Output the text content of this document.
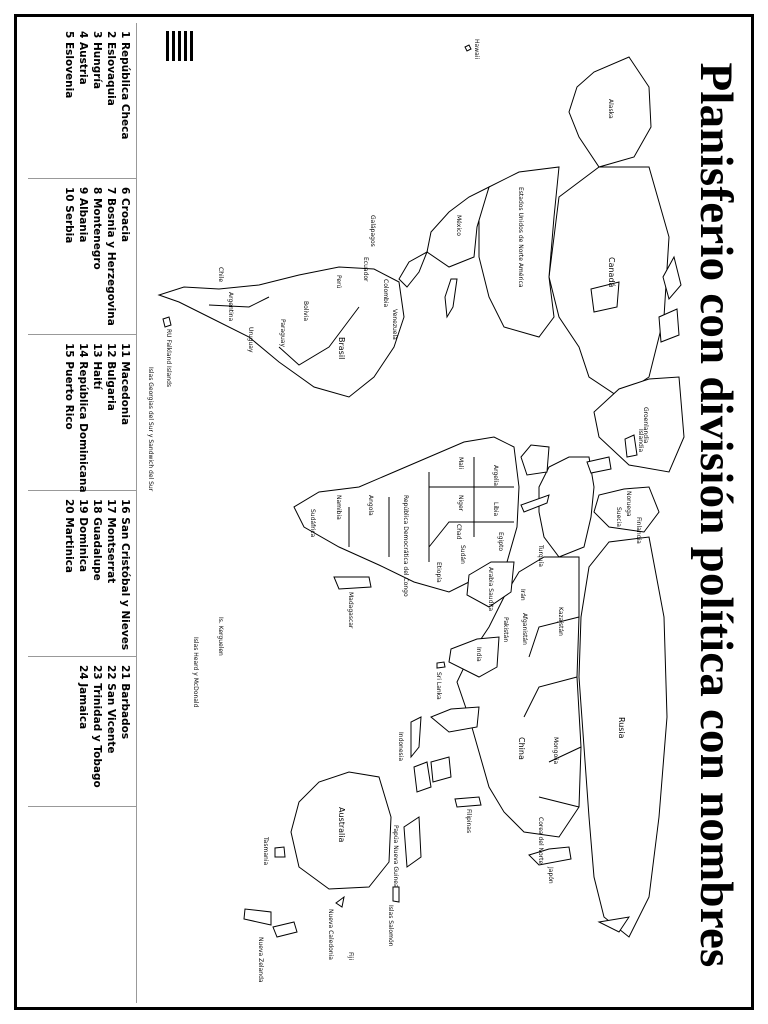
Planisferio con división política con nombres
Alaska
Canadá
Groenlandia
Estados Unidos de Norte América
México
Hawaii
Colombia
Venezuela
Ecuador
Perú
Brasil
Bolivia
Paraguay
Uruguay
Argentina
Chile
RU Falkland Islands
Islas Georgias del Sur y Sandwich del Sur
Galápagos
Islandia
Noruega
Suecia
Finlandia
Rusia
Kazajstán
Mongolia
China
India
Sri Lanka
Pakistán Afganistán
Irán
Turquía
Japón
Corea del Norte
Filipinas
Arabia Saudita
Egipto
Libia
Argelia
Mali
Niger
Chad
Sudán
Etiopía
República Democrática del Congo
Angola
Namibia
Sudáfrica
Madagascar
Indonesia
Papúa Nueva Guinea
Australia
Tasmania
Nueva Zelanda	Nueva Caledonia	Islas Salomón
Fiji
Is. Kerguelen
Islas Heard y McDonald
1 República Checa
2 Eslovaquia
3 Hungría
4 Austria
5 Eslovenia
6 Croacia
7 Bosnia y Herzegovina
8 Montenegro
9 Albania
10 Serbia
11 Macedonia
12 Bulgaria
13 Haití
14 República Dominicana
15 Puerto Rico
16 San Cristóbal y Nieves
17 Montserrat
18 Guadalupe
19 Dominica
20 Martinica
21 Barbados
22 San Vicente
23 Trinidad y Tobago
24 Jamaica
